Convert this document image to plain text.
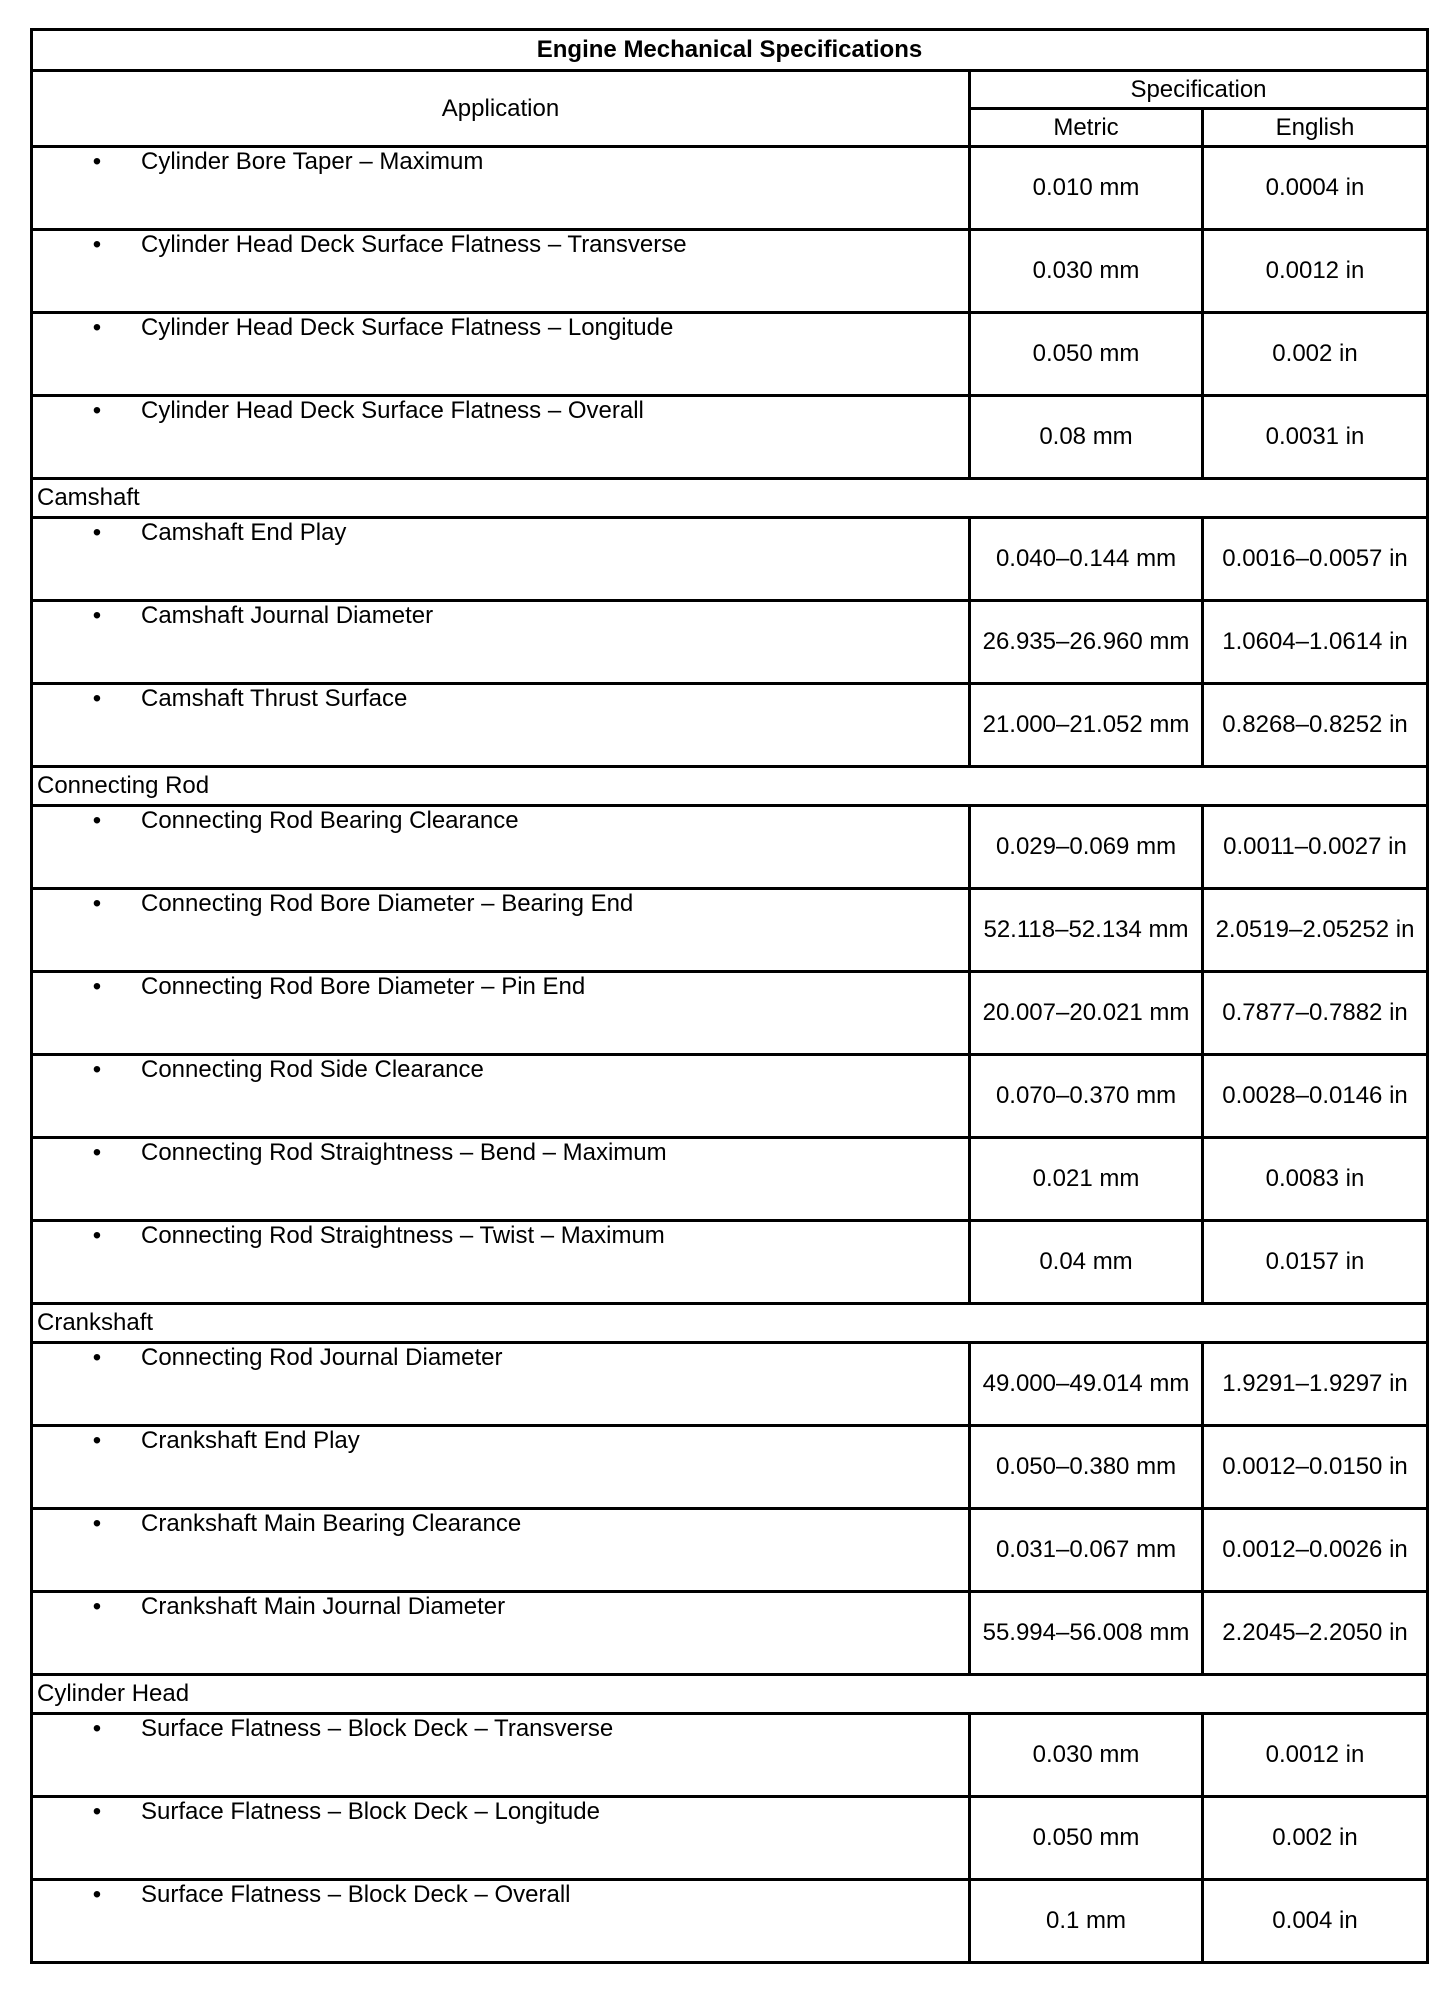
Engine Mechanical Specifications		
Application	Specification	
	Metric	English
• Cylinder Bore Taper – Maximum	0.010 mm	0.0004 in
• Cylinder Head Deck Surface Flatness – Transverse	0.030 mm	0.0012 in
• Cylinder Head Deck Surface Flatness – Longitude	0.050 mm	0.002 in
• Cylinder Head Deck Surface Flatness – Overall	0.08 mm	0.0031 in
Camshaft		
• Camshaft End Play	0.040–0.144 mm	0.0016–0.0057 in
• Camshaft Journal Diameter	26.935–26.960 mm	1.0604–1.0614 in
• Camshaft Thrust Surface	21.000–21.052 mm	0.8268–0.8252 in
Connecting Rod		
• Connecting Rod Bearing Clearance	0.029–0.069 mm	0.0011–0.0027 in
• Connecting Rod Bore Diameter – Bearing End	52.118–52.134 mm	2.0519–2.05252 in
• Connecting Rod Bore Diameter – Pin End	20.007–20.021 mm	0.7877–0.7882 in
• Connecting Rod Side Clearance	0.070–0.370 mm	0.0028–0.0146 in
• Connecting Rod Straightness – Bend – Maximum	0.021 mm	0.0083 in
• Connecting Rod Straightness – Twist – Maximum	0.04 mm	0.0157 in
Crankshaft		
• Connecting Rod Journal Diameter	49.000–49.014 mm	1.9291–1.9297 in
• Crankshaft End Play	0.050–0.380 mm	0.0012–0.0150 in
• Crankshaft Main Bearing Clearance	0.031–0.067 mm	0.0012–0.0026 in
• Crankshaft Main Journal Diameter	55.994–56.008 mm	2.2045–2.2050 in
Cylinder Head		
• Surface Flatness – Block Deck – Transverse	0.030 mm	0.0012 in
• Surface Flatness – Block Deck – Longitude	0.050 mm	0.002 in
• Surface Flatness – Block Deck – Overall	0.1 mm	0.004 in
